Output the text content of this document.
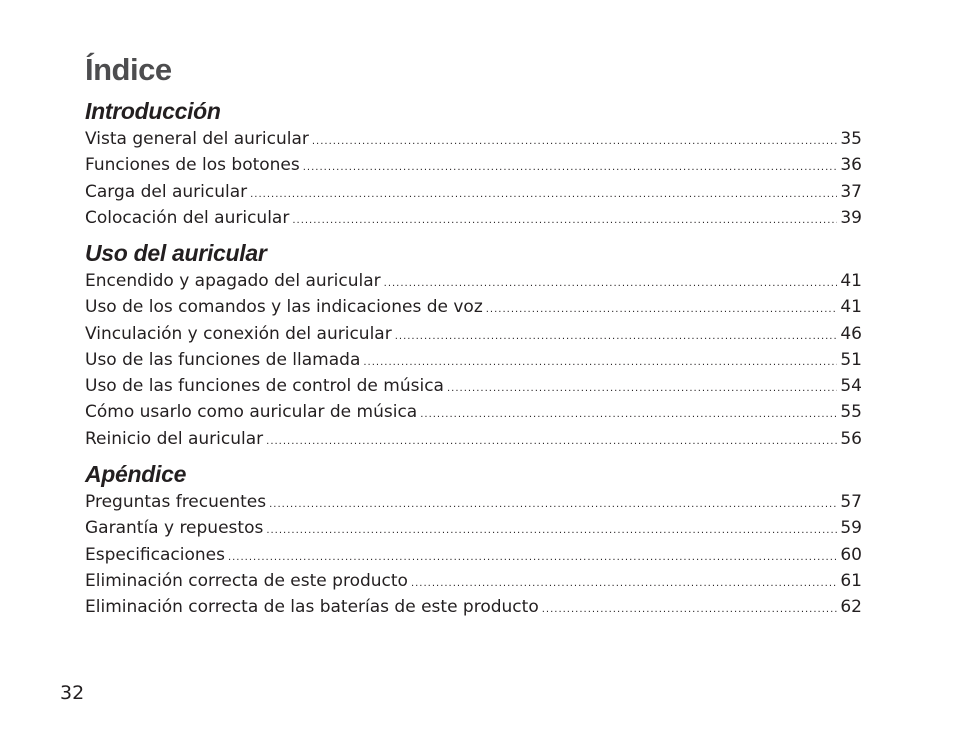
Índice
Introducción
Vista general del auricular .....	35
Funciones de los botones .....	36
Carga del auricular .....	37
Colocación del auricular .....	39
Uso del auricular
Encendido y apagado del auricular .....	41
Uso de los comandos y las indicaciones de voz .....	41
Vinculación y conexión del auricular .....	46
Uso de las funciones de llamada .....	51
Uso de las funciones de control de música .....	54
Cómo usarlo como auricular de música .....	55
Reinicio del auricular .....	56
Apéndice
Preguntas frecuentes .....	57
Garantía y repuestos .....	59
Especificaciones .....	60
Eliminación correcta de este producto .....	61
Eliminación correcta de las baterías de este producto .....	62
32
